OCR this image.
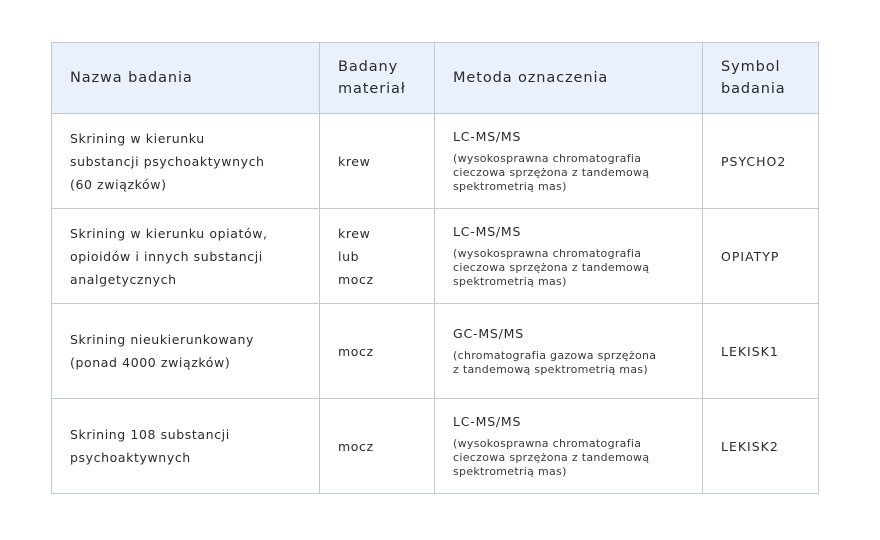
Nazwa badania	Badany
materiał	Metoda oznaczenia	Symbol
badania

Skrining w kierunku
substancji psychoaktywnych
(60 związków)	krew	LC-MS/MS
(wysokosprawna chromatografia
cieczowa sprzężona z tandemową
spektrometrią mas)	PSYCHO2

Skrining w kierunku opiatów,
opioidów i innych substancji
analgetycznych	krew
lub
mocz	LC-MS/MS
(wysokosprawna chromatografia
cieczowa sprzężona z tandemową
spektrometrią mas)	OPIATYP

Skrining nieukierunkowany
(ponad 4000 związków)	mocz	GC-MS/MS
(chromatografia gazowa sprzężona
z tandemową spektrometrią mas)	LEKISK1

Skrining 108 substancji
psychoaktywnych	mocz	LC-MS/MS
(wysokosprawna chromatografia
cieczowa sprzężona z tandemową
spektrometrią mas)	LEKISK2
